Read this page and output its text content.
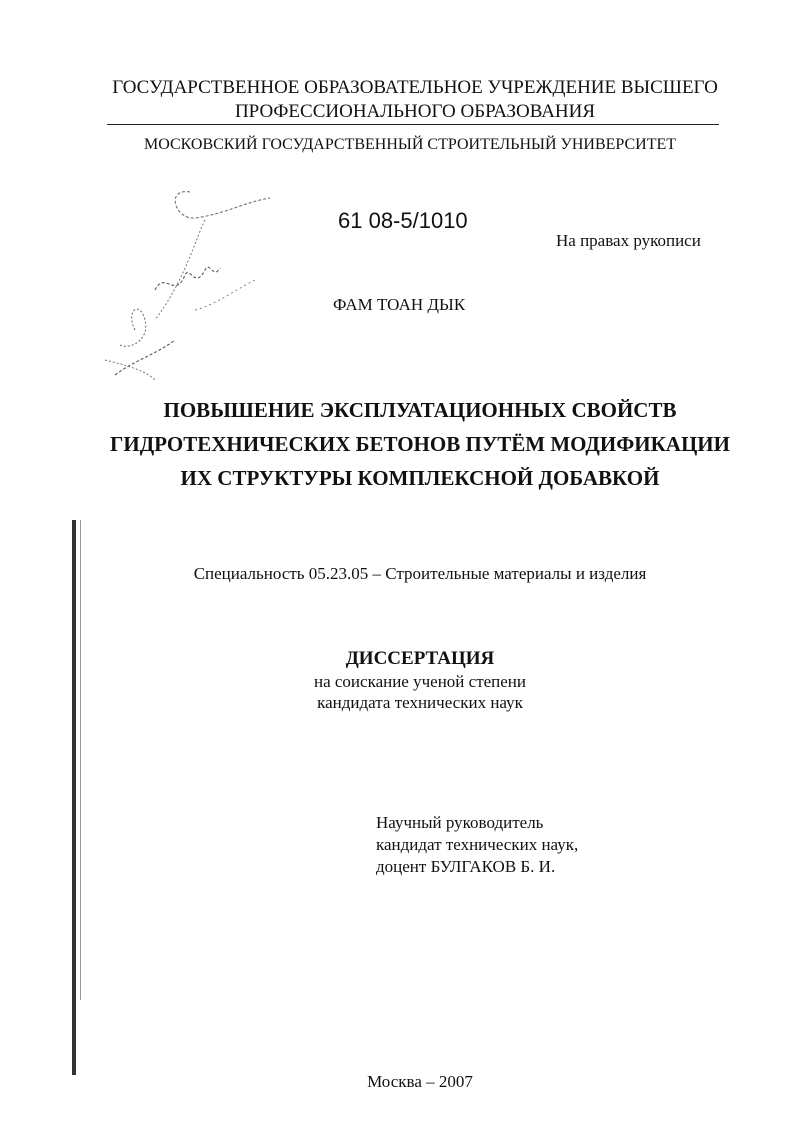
ГОСУДАРСТВЕННОЕ ОБРАЗОВАТЕЛЬНОЕ УЧРЕЖДЕНИЕ ВЫСШЕГО
ПРОФЕССИОНАЛЬНОГО ОБРАЗОВАНИЯ
МОСКОВСКИЙ ГОСУДАРСТВЕННЫЙ СТРОИТЕЛЬНЫЙ УНИВЕРСИТЕТ
61 08-5/1010
На правах рукописи
ФАМ ТОАН ДЫК
ПОВЫШЕНИЕ ЭКСПЛУАТАЦИОННЫХ СВОЙСТВ
ГИДРОТЕХНИЧЕСКИХ БЕТОНОВ ПУТЁМ МОДИФИКАЦИИ
ИХ СТРУКТУРЫ КОМПЛЕКСНОЙ ДОБАВКОЙ
Специальность 05.23.05 – Строительные материалы и изделия
ДИССЕРТАЦИЯ
на соискание ученой степени
кандидата технических наук
Научный руководитель
кандидат технических наук,
доцент БУЛГАКОВ Б. И.
Москва – 2007
